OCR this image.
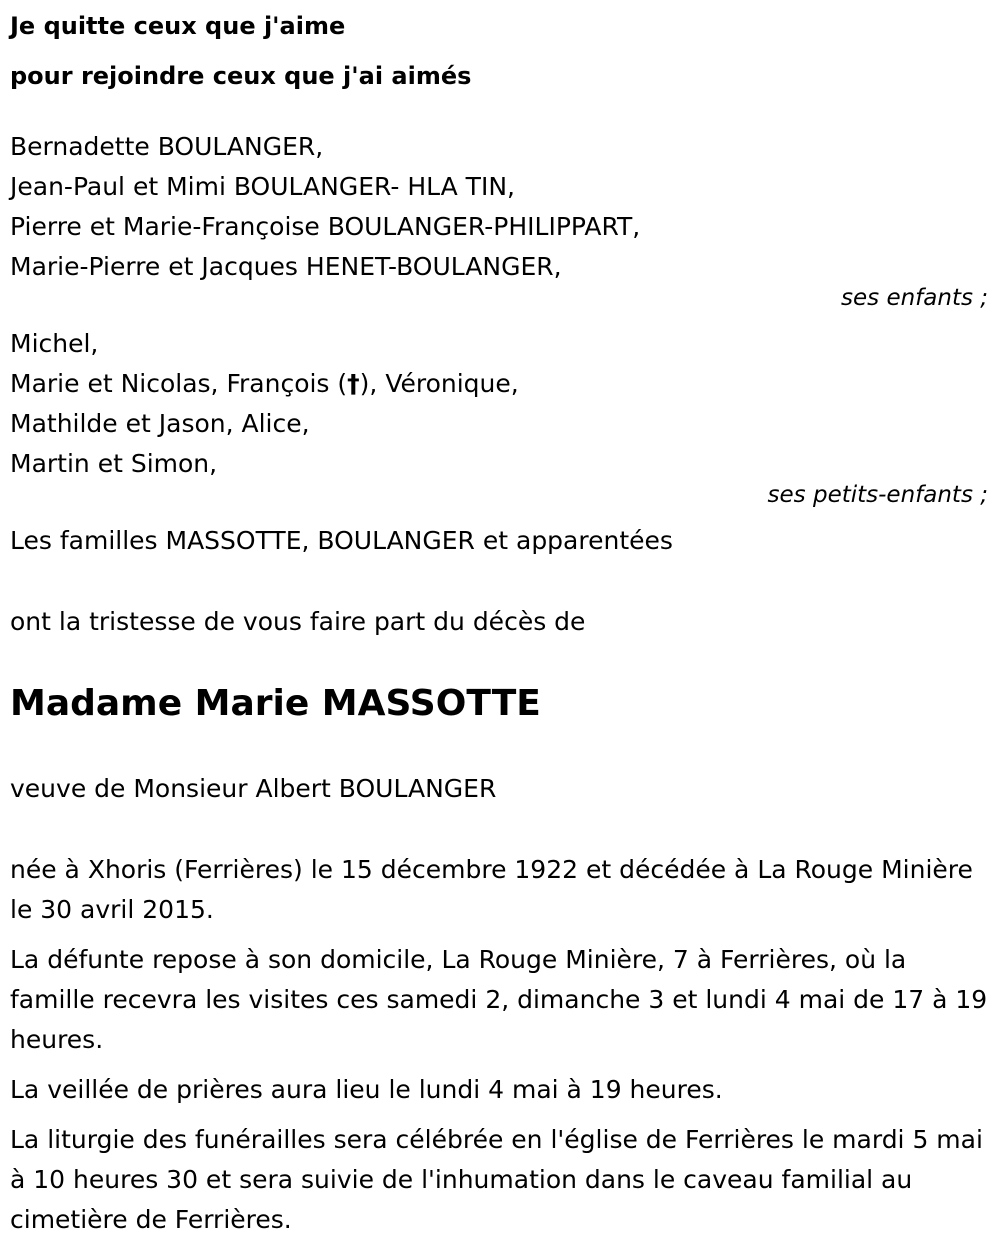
Je quitte ceux que j'aime

pour rejoindre ceux que j'ai aimés

Bernadette BOULANGER,
Jean-Paul et Mimi BOULANGER- HLA TIN,
Pierre et Marie-Françoise BOULANGER-PHILIPPART,
Marie-Pierre et Jacques HENET-BOULANGER,

ses enfants ;

Michel,
Marie et Nicolas, François (†), Véronique,
Mathilde et Jason, Alice,
Martin et Simon,

ses petits-enfants ;

Les familles MASSOTTE, BOULANGER et apparentées

ont la tristesse de vous faire part du décès de

Madame Marie MASSOTTE

veuve de Monsieur Albert BOULANGER

née à Xhoris (Ferrières) le 15 décembre 1922 et décédée à La Rouge Minière le 30 avril 2015.

La défunte repose à son domicile, La Rouge Minière, 7 à Ferrières, où la famille recevra les visites ces samedi 2, dimanche 3 et lundi 4 mai de 17 à 19 heures.

La veillée de prières aura lieu le lundi 4 mai à 19 heures.

La liturgie des funérailles sera célébrée en l'église de Ferrières le mardi 5 mai à 10 heures 30 et sera suivie de l'inhumation dans le caveau familial au cimetière de Ferrières.
